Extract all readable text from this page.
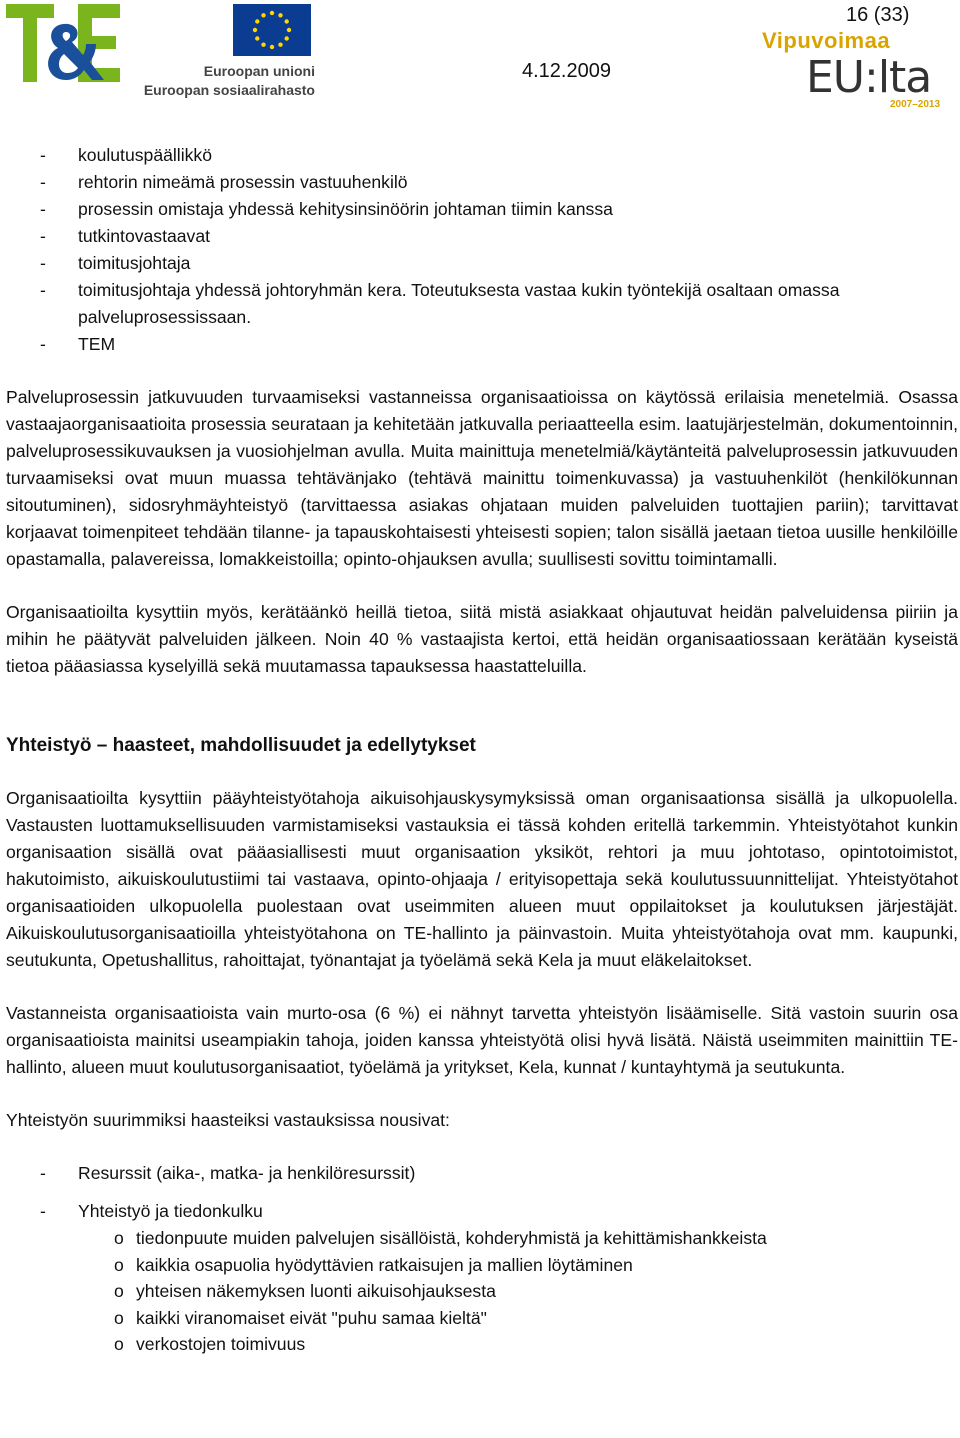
Euroopan unioni
Euroopan sosiaalirahasto
4.12.2009
16 (33)
Vipuvoimaa
EU:lta
2007–2013
- koulutuspäällikkö
- rehtorin nimeämä prosessin vastuuhenkilö
- prosessin omistaja yhdessä kehitysinsinöörin johtaman tiimin kanssa
- tutkintovastaavat
- toimitusjohtaja
- toimitusjohtaja yhdessä johtoryhmän kera. Toteutuksesta vastaa kukin työntekijä osaltaan omassa palveluprosessissaan.
- TEM

Palveluprosessin jatkuvuuden turvaamiseksi vastanneissa organisaatioissa on käytössä erilaisia menetelmiä. Osassa vastaajaorganisaatioita prosessia seurataan ja kehitetään jatkuvalla periaatteella esim. laatujärjestelmän, dokumentoinnin, palveluprosessikuvauksen ja vuosiohjelman avulla. Muita mainittuja menetelmiä/käytänteitä palveluprosessin jatkuvuuden turvaamiseksi ovat muun muassa tehtävänjako (tehtävä mainittu toimenkuvassa) ja vastuuhenkilöt (henkilökunnan sitoutuminen), sidosryhmäyhteistyö (tarvittaessa asiakas ohjataan muiden palveluiden tuottajien pariin); tarvittavat korjaavat toimenpiteet tehdään tilanne- ja tapauskohtaisesti yhteisesti sopien; talon sisällä jaetaan tietoa uusille henkilöille opastamalla, palavereissa, lomakkeistoilla; opinto-ohjauksen avulla; suullisesti sovittu toimintamalli.

Organisaatioilta kysyttiin myös, kerätäänkö heillä tietoa, siitä mistä asiakkaat ohjautuvat heidän palveluidensa piiriin ja mihin he päätyvät palveluiden jälkeen. Noin 40 % vastaajista kertoi, että heidän organisaatiossaan kerätään kyseistä tietoa pääasiassa kyselyillä sekä muutamassa tapauksessa haastatteluilla.

Yhteistyö – haasteet, mahdollisuudet ja edellytykset

Organisaatioilta kysyttiin pääyhteistyötahoja aikuisohjauskysymyksissä oman organisaationsa sisällä ja ulkopuolella. Vastausten luottamuksellisuuden varmistamiseksi vastauksia ei tässä kohden eritellä tarkemmin. Yhteistyötahot kunkin organisaation sisällä ovat pääasiallisesti muut organisaation yksiköt, rehtori ja muu johtotaso, opintotoimistot, hakutoimisto, aikuiskoulutustiimi tai vastaava, opinto-ohjaaja / erityisopettaja sekä koulutussuunnittelijat. Yhteistyötahot organisaatioiden ulkopuolella puolestaan ovat useimmiten alueen muut oppilaitokset ja koulutuksen järjestäjät. Aikuiskoulutusorganisaatioilla yhteistyötahona on TE-hallinto ja päinvastoin. Muita yhteistyötahoja ovat mm. kaupunki, seutukunta, Opetushallitus, rahoittajat, työnantajat ja työelämä sekä Kela ja muut eläkelaitokset.

Vastanneista organisaatioista vain murto-osa (6 %) ei nähnyt tarvetta yhteistyön lisäämiselle. Sitä vastoin suurin osa organisaatioista mainitsi useampiakin tahoja, joiden kanssa yhteistyötä olisi hyvä lisätä. Näistä useimmiten mainittiin TE-hallinto, alueen muut koulutusorganisaatiot, työelämä ja yritykset, Kela, kunnat / kuntayhtymä ja seutukunta.

Yhteistyön suurimmiksi haasteiksi vastauksissa nousivat:

- Resurssit (aika-, matka- ja henkilöresurssit)
- Yhteistyö ja tiedonkulku
o tiedonpuute muiden palvelujen sisällöistä, kohderyhmistä ja kehittämishankkeista
o kaikkia osapuolia hyödyttävien ratkaisujen ja mallien löytäminen
o yhteisen näkemyksen luonti aikuisohjauksesta
o kaikki viranomaiset eivät "puhu samaa kieltä"
o verkostojen toimivuus
